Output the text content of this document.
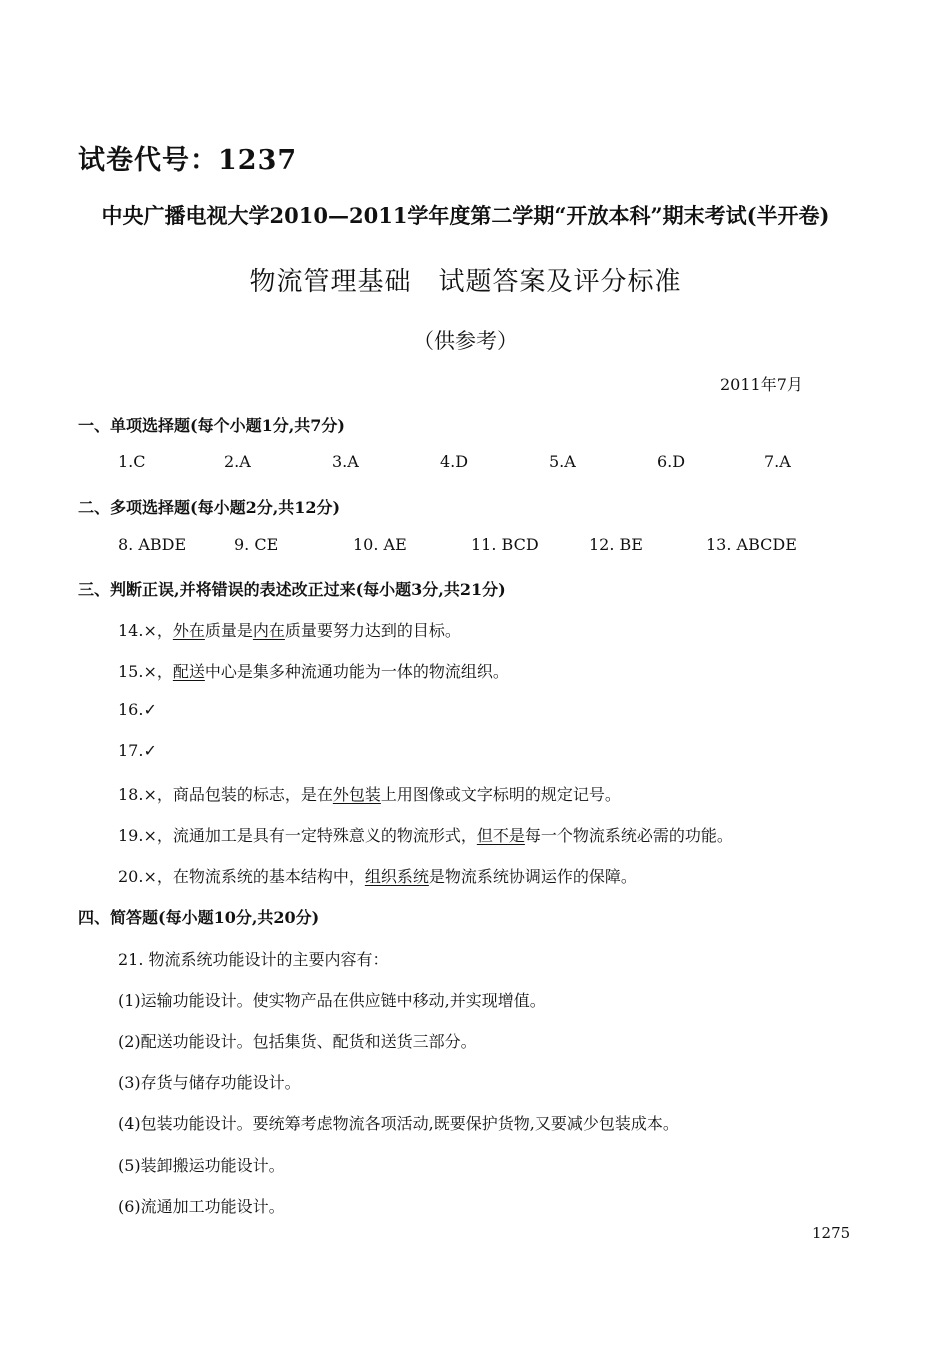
试卷代号：1237
中央广播电视大学2010—2011学年度第二学期“开放本科”期末考试(半开卷)
物流管理基础　试题答案及评分标准
（供参考）
2011年7月
一、单项选择题(每个小题1分,共7分)
1.C	2.A	3.A	4.D	5.A	6.D	7.A
二、多项选择题(每小题2分,共12分)
8. ABDE	9. CE	10. AE	11. BCD	12. BE	13. ABCDE
三、判断正误,并将错误的表述改正过来(每小题3分,共21分)
14.×，外在质量是内在质量要努力达到的目标。
15.×，配送中心是集多种流通功能为一体的物流组织。
16.✓
17.✓
18.×，商品包装的标志，是在外包装上用图像或文字标明的规定记号。
19.×，流通加工是具有一定特殊意义的物流形式，但不是每一个物流系统必需的功能。
20.×，在物流系统的基本结构中，组织系统是物流系统协调运作的保障。
四、简答题(每小题10分,共20分)
21. 物流系统功能设计的主要内容有：
(1)运输功能设计。使实物产品在供应链中移动,并实现增值。
(2)配送功能设计。包括集货、配货和送货三部分。
(3)存货与储存功能设计。
(4)包装功能设计。要统筹考虑物流各项活动,既要保护货物,又要减少包装成本。
(5)装卸搬运功能设计。
(6)流通加工功能设计。
1275
